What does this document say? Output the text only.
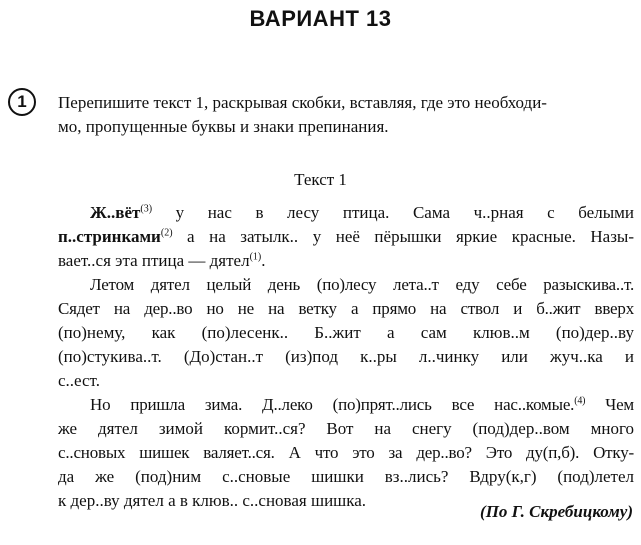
ВАРИАНТ 13
1	Перепишите текст 1, раскрывая скобки, вставляя, где это необходи-
мо, пропущенные буквы и знаки препинания.
Текст 1
Ж..вёт$^{(3)}$ у нас в лесу птица. Сама ч..рная с белыми
п..стринками$^{(2)}$ а на затылк.. у неё пёрышки яркие красные. Назы-
вает..ся эта птица — дятел$^{(1)}$.
Летом дятел целый день (по)лесу лета..т еду себе разыскива..т.
Сядет на дер..во но не на ветку а прямо на ствол и б..жит вверх
(по)нему, как (по)лесенк.. Б..жит а сам клюв..м (по)дер..ву
(по)стукива..т. (До)стан..т (из)под к..ры л..чинку или жуч..ка и
с..ест.
Но пришла зима. Д..леко (по)прят..лись все нас..комые.$^{(4)}$ Чем
же дятел зимой кормит..ся? Вот на снегу (под)дер..вом много
с..сновых шишек валяет..ся. А что это за дер..во? Это ду(п,б). Отку-
да же (под)ним с..сновые шишки вз..лись? Вдру(к,г) (под)летел
к дер..ву дятел а в клюв.. с..сновая шишка.
(По Г. Скребицкому)
